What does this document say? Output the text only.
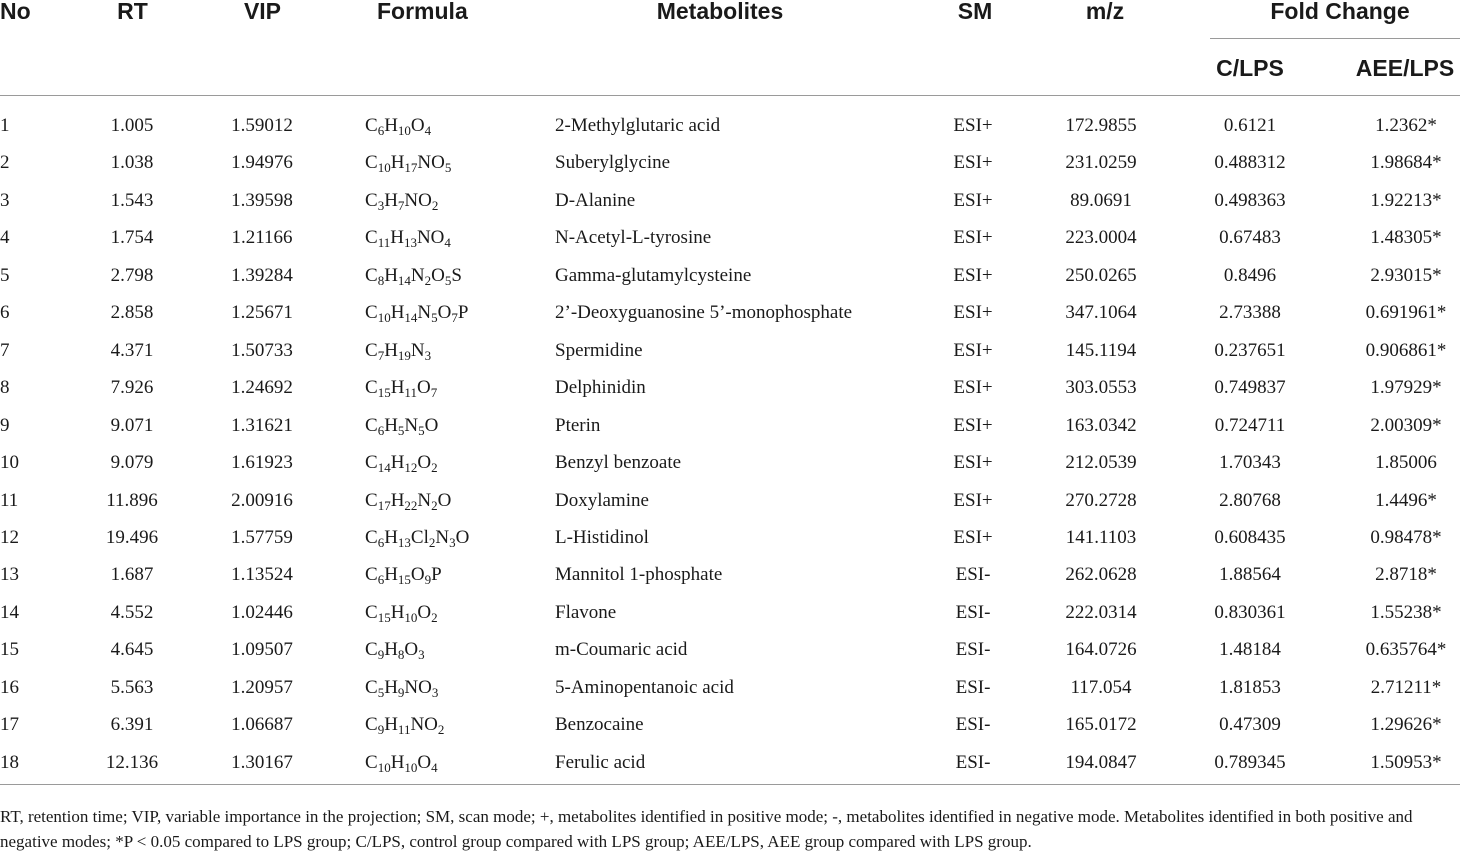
No	RT	VIP	Formula	Metabolites	SM	m/z	Fold Change
C/LPS	AEE/LPS
1	1.005	1.59012	$C_6H_{10}O_4$	2-Methylglutaric acid	ESI+	172.9855	0.6121	1.2362*
2	1.038	1.94976	$C_{10}H_{17}NO_5$	Suberylglycine	ESI+	231.0259	0.488312	1.98684*
3	1.543	1.39598	$C_3H_7NO_2$	D-Alanine	ESI+	89.0691	0.498363	1.92213*
4	1.754	1.21166	$C_{11}H_{13}NO_4$	N-Acetyl-L-tyrosine	ESI+	223.0004	0.67483	1.48305*
5	2.798	1.39284	$C_8H_{14}N_2O_5S$	Gamma-glutamylcysteine	ESI+	250.0265	0.8496	2.93015*
6	2.858	1.25671	$C_{10}H_{14}N_5O_7P$	2’-Deoxyguanosine 5’-monophosphate	ESI+	347.1064	2.73388	0.691961*
7	4.371	1.50733	$C_7H_{19}N_3$	Spermidine	ESI+	145.1194	0.237651	0.906861*
8	7.926	1.24692	$C_{15}H_{11}O_7$	Delphinidin	ESI+	303.0553	0.749837	1.97929*
9	9.071	1.31621	$C_6H_5N_5O$	Pterin	ESI+	163.0342	0.724711	2.00309*
10	9.079	1.61923	$C_{14}H_{12}O_2$	Benzyl benzoate	ESI+	212.0539	1.70343	1.85006
11	11.896	2.00916	$C_{17}H_{22}N_2O$	Doxylamine	ESI+	270.2728	2.80768	1.4496*
12	19.496	1.57759	$C_6H_{13}Cl_2N_3O$	L-Histidinol	ESI+	141.1103	0.608435	0.98478*
13	1.687	1.13524	$C_6H_{15}O_9P$	Mannitol 1-phosphate	ESI-	262.0628	1.88564	2.8718*
14	4.552	1.02446	$C_{15}H_{10}O_2$	Flavone	ESI-	222.0314	0.830361	1.55238*
15	4.645	1.09507	$C_9H_8O_3$	m-Coumaric acid	ESI-	164.0726	1.48184	0.635764*
16	5.563	1.20957	$C_5H_9NO_3$	5-Aminopentanoic acid	ESI-	117.054	1.81853	2.71211*
17	6.391	1.06687	$C_9H_{11}NO_2$	Benzocaine	ESI-	165.0172	0.47309	1.29626*
18	12.136	1.30167	$C_{10}H_{10}O_4$	Ferulic acid	ESI-	194.0847	0.789345	1.50953*
RT, retention time; VIP, variable importance in the projection; SM, scan mode; +, metabolites identified in positive mode; -, metabolites identified in negative mode. Metabolites identified in both positive and negative modes; *P < 0.05 compared to LPS group; C/LPS, control group compared with LPS group; AEE/LPS, AEE group compared with LPS group.
